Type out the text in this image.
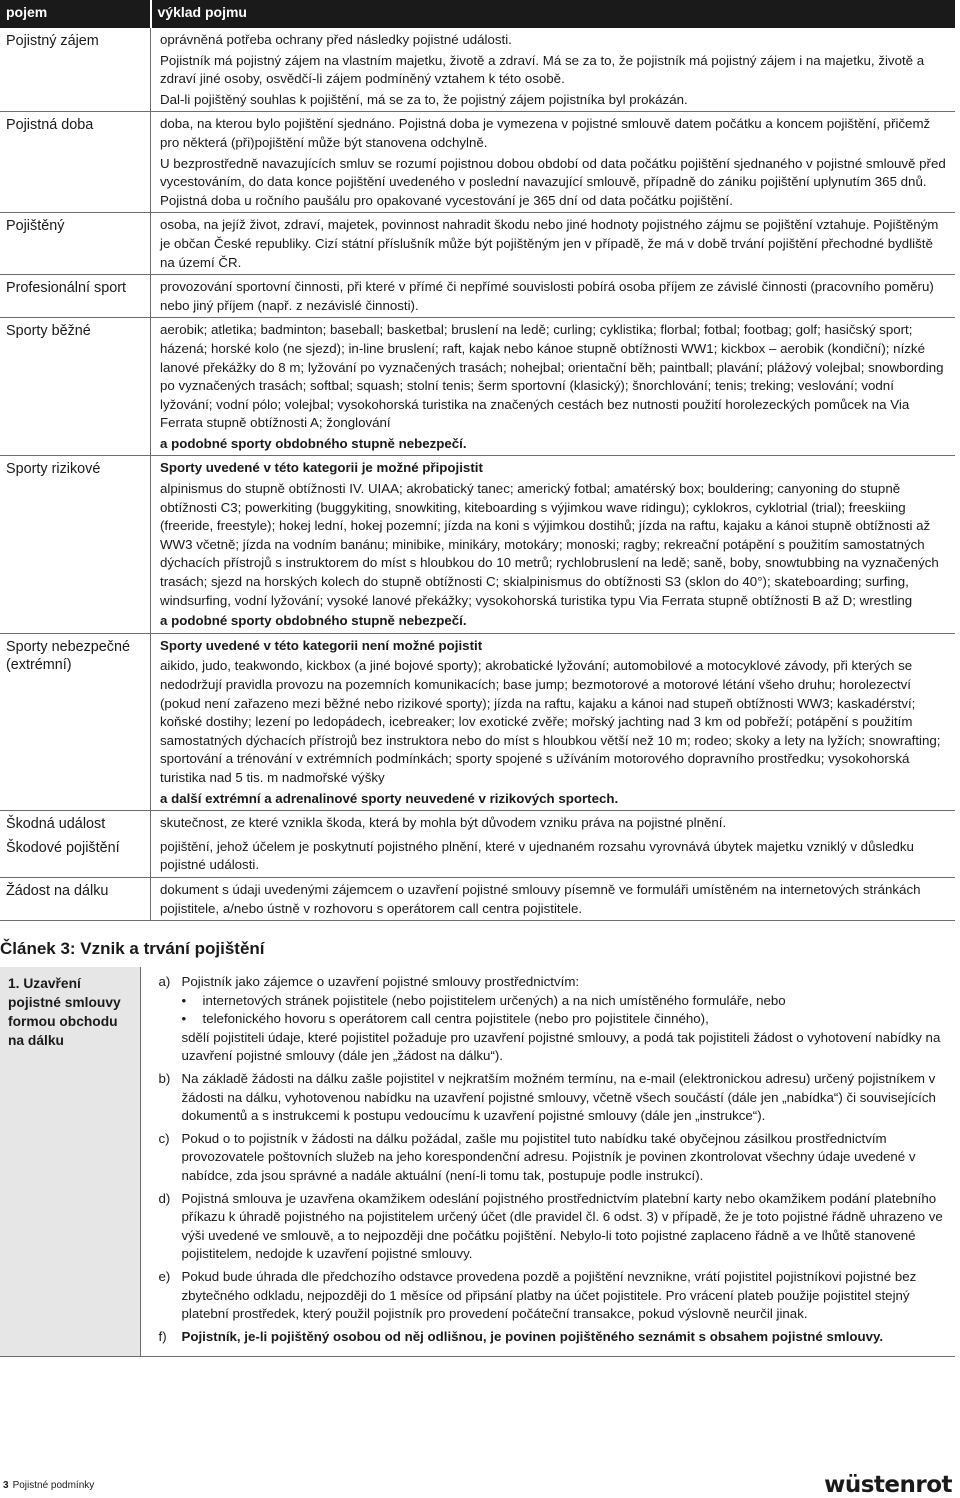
pojem	výklad pojmu
Pojistný zájem	oprávněná potřeba ochrany před následky pojistné události.
Pojistník má pojistný zájem na vlastním majetku, životě a zdraví. Má se za to, že pojistník má pojistný zájem i na majetku, životě a zdraví jiné osoby, osvědčí-li zájem podmíněný vztahem k této osobě.
Dal-li pojištěný souhlas k pojištění, má se za to, že pojistný zájem pojistníka byl prokázán.

Pojistná doba	doba, na kterou bylo pojištění sjednáno. Pojistná doba je vymezena v pojistné smlouvě datem počátku a koncem pojištění, přičemž pro některá (při)pojištění může být stanovena odchylně.
U bezprostředně navazujících smluv se rozumí pojistnou dobou období od data počátku pojištění sjednaného v pojistné smlouvě před vycestováním, do data konce pojištění uvedeného v poslední navazující smlouvě, případně do zániku pojištění uplynutím 365 dnů. Pojistná doba u ročního paušálu pro opakované vycestování je 365 dní od data počátku pojištění.

Pojištěný	osoba, na jejíž život, zdraví, majetek, povinnost nahradit škodu nebo jiné hodnoty pojistného zájmu se pojištění vztahuje. Pojištěným je občan České republiky. Cizí státní příslušník může být pojištěným jen v případě, že má v době trvání pojištění přechodné bydliště na území ČR.

Profesionální sport	provozování sportovní činnosti, při které v přímé či nepřímé souvislosti pobírá osoba příjem ze závislé činnosti (pracovního poměru) nebo jiný příjem (např. z nezávislé činnosti).

Sporty běžné	aerobik; atletika; badminton; baseball; basketbal; bruslení na ledě; curling; cyklistika; florbal; fotbal; footbag; golf; hasičský sport; házená; horské kolo (ne sjezd); in-line bruslení; raft, kajak nebo kánoe stupně obtížnosti WW1; kickbox – aerobik (kondiční); nízké lanové překážky do 8 m; lyžování po vyznačených trasách; nohejbal; orientační běh; paintball; plavání; plážový volejbal; snowbording po vyznačených trasách; softbal; squash; stolní tenis; šerm sportovní (klasický); šnorchlování; tenis; treking; veslování; vodní lyžování; vodní pólo; volejbal; vysokohorská turistika na značených cestách bez nutnosti použití horolezeckých pomůcek na Via Ferrata stupně obtížnosti A; žonglování
a podobné sporty obdobného stupně nebezpečí.

Sporty rizikové	Sporty uvedené v této kategorii je možné připojistit
alpinismus do stupně obtížnosti IV. UIAA; akrobatický tanec; americký fotbal; amatérský box; bouldering; canyoning do stupně obtížnosti C3; powerkiting (buggykiting, snowkiting, kiteboarding s výjimkou wave ridingu); cyklokros, cyklotrial (trial); freeskiing (freeride, freestyle); hokej lední, hokej pozemní; jízda na koni s výjimkou dostihů; jízda na raftu, kajaku a kánoi stupně obtížnosti až WW3 včetně; jízda na vodním banánu; minibike, minikáry, motokáry; monoski; ragby; rekreační potápění s použitím samostatných dýchacích přístrojů s instruktorem do míst s hloubkou do 10 metrů; rychlobruslení na ledě; saně, boby, snowtubbing na vyznačených trasách; sjezd na horských kolech do stupně obtížnosti C; skialpinismus do obtížnosti S3 (sklon do 40°); skateboarding; surfing, windsurfing, vodní lyžování; vysoké lanové překážky; vysokohorská turistika typu Via Ferrata stupně obtížnosti B až D; wrestling
a podobné sporty obdobného stupně nebezpečí.

Sporty nebezpečné (extrémní)	Sporty uvedené v této kategorii není možné pojistit
aikido, judo, teakwondo, kickbox (a jiné bojové sporty); akrobatické lyžování; automobilové a motocyklové závody, při kterých se nedodržují pravidla provozu na pozemních komunikacích; base jump; bezmotorové a motorové létání všeho druhu; horolezectví (pokud není zařazeno mezi běžné nebo rizikové sporty); jízda na raftu, kajaku a kánoi nad stupeň obtížnosti WW3; kaskadérství; koňské dostihy; lezení po ledopádech, icebreaker; lov exotické zvěře; mořský jachting nad 3 km od pobřeží; potápění s použitím samostatných dýchacích přístrojů bez instruktora nebo do míst s hloubkou větší než 10 m; rodeo; skoky a lety na lyžích; snowrafting; sportování a trénování v extrémních podmínkách; sporty spojené s užíváním motorového dopravního prostředku; vysokohorská turistika nad 5 tis. m nadmořské výšky
a další extrémní a adrenalinové sporty neuvedené v rizikových sportech.

Škodná událost	skutečnost, ze které vznikla škoda, která by mohla být důvodem vzniku práva na pojistné plnění.

Škodové pojištění	pojištění, jehož účelem je poskytnutí pojistného plnění, které v ujednaném rozsahu vyrovnává úbytek majetku vzniklý v důsledku pojistné události.

Žádost na dálku	dokument s údaji uvedenými zájemcem o uzavření pojistné smlouvy písemně ve formuláři umístěném na internetových stránkách pojistitele, a/nebo ústně v rozhovoru s operátorem call centra pojistitele.
Článek 3: Vznik a trvání pojištění
1. Uzavření pojistné smlouvy formou obchodu na dálku	
a) Pojistník jako zájemce o uzavření pojistné smlouvy prostřednictvím:
• internetových stránek pojistitele (nebo pojistitelem určených) a na nich umístěného formuláře, nebo
• telefonického hovoru s operátorem call centra pojistitele (nebo pro pojistitele činného),
sdělí pojistiteli údaje, které pojistitel požaduje pro uzavření pojistné smlouvy, a podá tak pojistiteli žádost o vyhotovení nabídky na uzavření pojistné smlouvy (dále jen „žádost na dálku“).
b) Na základě žádosti na dálku zašle pojistitel v nejkratším možném termínu, na e-mail (elektronickou adresu) určený pojistníkem v žádosti na dálku, vyhotovenou nabídku na uzavření pojistné smlouvy, včetně všech součástí (dále jen „nabídka“) či souvisejících dokumentů a s instrukcemi k postupu vedoucímu k uzavření pojistné smlouvy (dále jen „instrukce“).
c) Pokud o to pojistník v žádosti na dálku požádal, zašle mu pojistitel tuto nabídku také obyčejnou zásilkou prostřednictvím provozovatele poštovních služeb na jeho korespondenční adresu. Pojistník je povinen zkontrolovat všechny údaje uvedené v nabídce, zda jsou správné a nadále aktuální (není-li tomu tak, postupuje podle instrukcí).
d) Pojistná smlouva je uzavřena okamžikem odeslání pojistného prostřednictvím platební karty nebo okamžikem podání platebního příkazu k úhradě pojistného na pojistitelem určený účet (dle pravidel čl. 6 odst. 3) v případě, že je toto pojistné řádně uhrazeno ve výši uvedené ve smlouvě, a to nejpozději dne počátku pojištění. Nebylo-li toto pojistné zaplaceno řádně a ve lhůtě stanovené pojistitelem, nedojde k uzavření pojistné smlouvy.
e) Pokud bude úhrada dle předchozího odstavce provedena pozdě a pojištění nevznikne, vrátí pojistitel pojistníkovi pojistné bez zbytečného odkladu, nejpozději do 1 měsíce od připsání platby na účet pojistitele. Pro vrácení plateb použije pojistitel stejný platební prostředek, který použil pojistník pro provedení počáteční transakce, pokud výslovně neurčil jinak.
f)	Pojistník, je-li pojištěný osobou od něj odlišnou, je povinen pojištěného seznámit s obsahem pojistné smlouvy.
3 Pojistné podmínky	wüstenrot
